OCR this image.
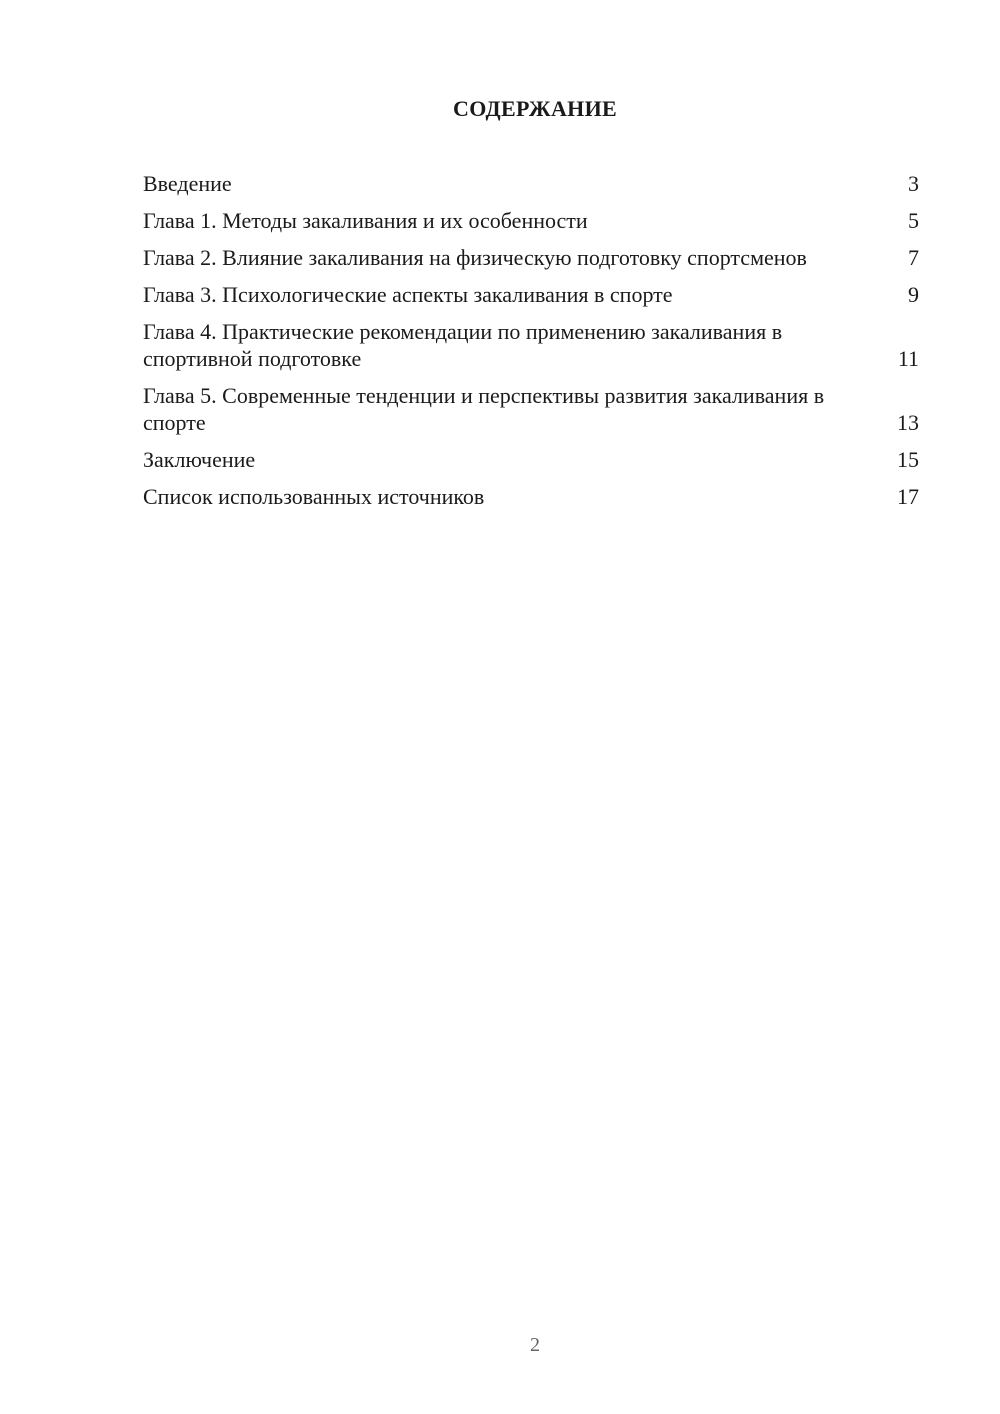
СОДЕРЖАНИЕ
Введение	3
Глава 1. Методы закаливания и их особенности	5
Глава 2. Влияние закаливания на физическую подготовку спортсменов	7
Глава 3. Психологические аспекты закаливания в спорте	9
Глава 4. Практические рекомендации по применению закаливания в спортивной подготовке	11
Глава 5. Современные тенденции и перспективы развития закаливания в спорте	13
Заключение	15
Список использованных источников	17
2
